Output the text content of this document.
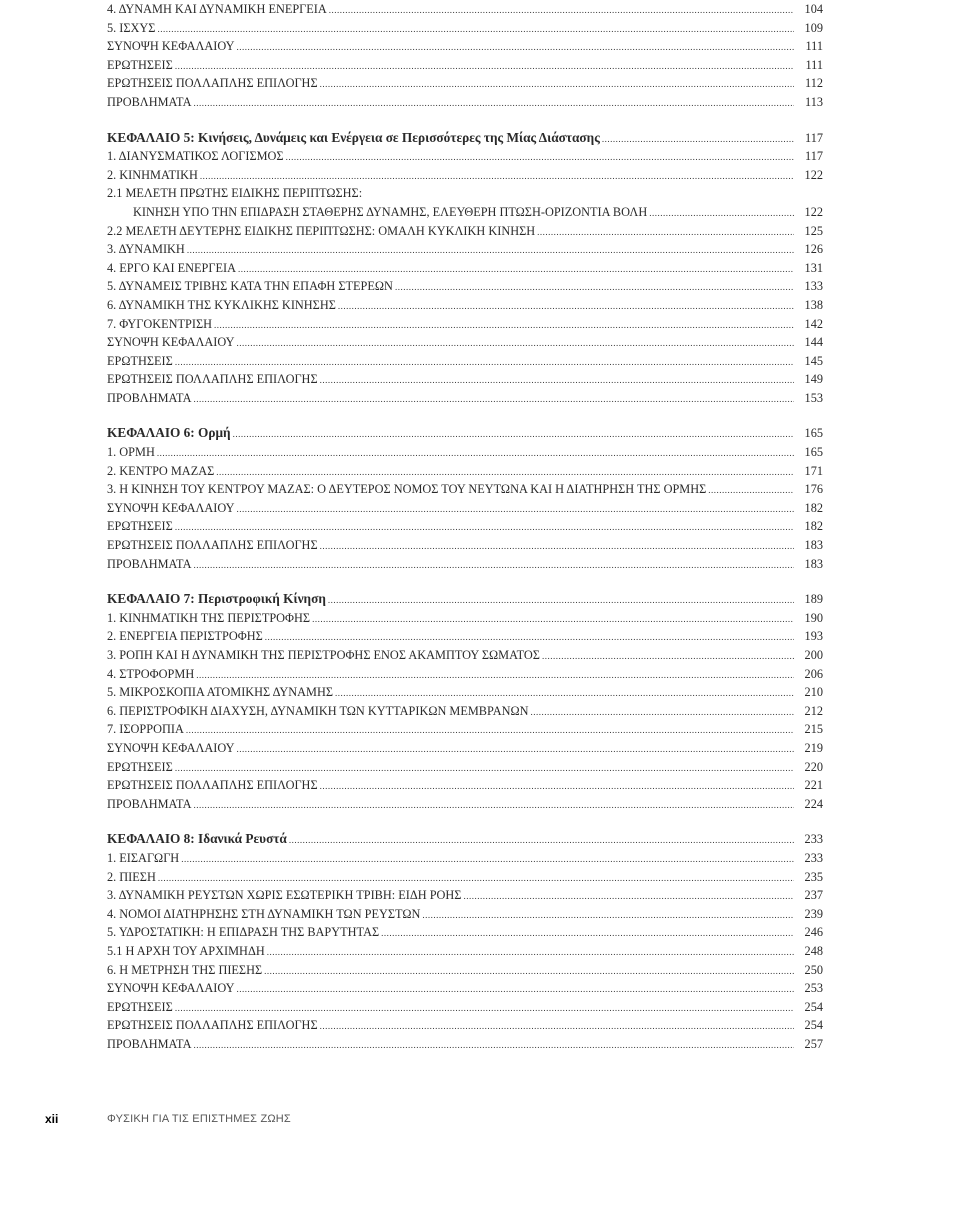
4. ΔΥΝΑΜΗ ΚΑΙ ΔΥΝΑΜΙΚΗ ΕΝΕΡΓΕΙΑ .....	104
5. ΙΣΧΥΣ .....	109
ΣΥΝΟΨΗ ΚΕΦΑΛΑΙΟΥ .....	111
ΕΡΩΤΗΣΕΙΣ .....	111
ΕΡΩΤΗΣΕΙΣ ΠΟΛΛΑΠΛΗΣ ΕΠΙΛΟΓΗΣ .....	112
ΠΡΟΒΛΗΜΑΤΑ .....	113
ΚΕΦΑΛΑΙΟ 5: Κινήσεις, Δυνάμεις και Ενέργεια σε Περισσότερες της Μίας Διάστασης .....	117
1. ΔΙΑΝΥΣΜΑΤΙΚΟΣ ΛΟΓΙΣΜΟΣ .....	117
2. ΚΙΝΗΜΑΤΙΚΗ .....	122
2.1 ΜΕΛΕΤΗ ΠΡΩΤΗΣ ΕΙΔΙΚΗΣ ΠΕΡΙΠΤΩΣΗΣ:
ΚΙΝΗΣΗ ΥΠΟ ΤΗΝ ΕΠΙΔΡΑΣΗ ΣΤΑΘΕΡΗΣ ΔΥΝΑΜΗΣ, ΕΛΕΥΘΕΡΗ ΠΤΩΣΗ-ΟΡΙΖΟΝΤΙΑ ΒΟΛΗ .....	122
2.2 ΜΕΛΕΤΗ ΔΕΥΤΕΡΗΣ ΕΙΔΙΚΗΣ ΠΕΡΙΠΤΩΣΗΣ: ΟΜΑΛΗ ΚΥΚΛΙΚΗ ΚΙΝΗΣΗ .....	125
3. ΔΥΝΑΜΙΚΗ .....	126
4. ΕΡΓΟ ΚΑΙ ΕΝΕΡΓΕΙΑ .....	131
5. ΔΥΝΑΜΕΙΣ ΤΡΙΒΗΣ ΚΑΤΑ ΤΗΝ ΕΠΑΦΗ ΣΤΕΡΕΩΝ .....	133
6. ΔΥΝΑΜΙΚΗ ΤΗΣ ΚΥΚΛΙΚΗΣ ΚΙΝΗΣΗΣ .....	138
7. ΦΥΓΟΚΕΝΤΡΙΣΗ .....	142
ΣΥΝΟΨΗ ΚΕΦΑΛΑΙΟΥ .....	144
ΕΡΩΤΗΣΕΙΣ .....	145
ΕΡΩΤΗΣΕΙΣ ΠΟΛΛΑΠΛΗΣ ΕΠΙΛΟΓΗΣ .....	149
ΠΡΟΒΛΗΜΑΤΑ .....	153
ΚΕΦΑΛΑΙΟ 6: Ορμή .....	165
1. ΟΡΜΗ .....	165
2. ΚΕΝΤΡΟ ΜΑΖΑΣ .....	171
3. Η ΚΙΝΗΣΗ ΤΟΥ ΚΕΝΤΡΟΥ ΜΑΖΑΣ: Ο ΔΕΥΤΕΡΟΣ ΝΟΜΟΣ ΤΟΥ ΝΕΥΤΩΝΑ ΚΑΙ Η ΔΙΑΤΗΡΗΣΗ ΤΗΣ ΟΡΜΗΣ .....	176
ΣΥΝΟΨΗ ΚΕΦΑΛΑΙΟΥ .....	182
ΕΡΩΤΗΣΕΙΣ .....	182
ΕΡΩΤΗΣΕΙΣ ΠΟΛΛΑΠΛΗΣ ΕΠΙΛΟΓΗΣ .....	183
ΠΡΟΒΛΗΜΑΤΑ .....	183
ΚΕΦΑΛΑΙΟ 7: Περιστροφική Κίνηση .....	189
1. ΚΙΝΗΜΑΤΙΚΗ ΤΗΣ ΠΕΡΙΣΤΡΟΦΗΣ .....	190
2. ΕΝΕΡΓΕΙΑ ΠΕΡΙΣΤΡΟΦΗΣ .....	193
3. ΡΟΠΗ ΚΑΙ Η ΔΥΝΑΜΙΚΗ ΤΗΣ ΠΕΡΙΣΤΡΟΦΗΣ ΕΝΟΣ ΑΚΑΜΠΤΟΥ ΣΩΜΑΤΟΣ .....	200
4. ΣΤΡΟΦΟΡΜΗ .....	206
5. ΜΙΚΡΟΣΚΟΠΙΑ ΑΤΟΜΙΚΗΣ ΔΥΝΑΜΗΣ .....	210
6. ΠΕΡΙΣΤΡΟΦΙΚΗ ΔΙΑΧΥΣΗ, ΔΥΝΑΜΙΚΗ ΤΩΝ ΚΥΤΤΑΡΙΚΩΝ ΜΕΜΒΡΑΝΩΝ .....	212
7. ΙΣΟΡΡΟΠΙΑ .....	215
ΣΥΝΟΨΗ ΚΕΦΑΛΑΙΟΥ .....	219
ΕΡΩΤΗΣΕΙΣ .....	220
ΕΡΩΤΗΣΕΙΣ ΠΟΛΛΑΠΛΗΣ ΕΠΙΛΟΓΗΣ .....	221
ΠΡΟΒΛΗΜΑΤΑ .....	224
ΚΕΦΑΛΑΙΟ 8: Ιδανικά Ρευστά .....	233
1. ΕΙΣΑΓΩΓΗ .....	233
2. ΠΙΕΣΗ .....	235
3. ΔΥΝΑΜΙΚΗ ΡΕΥΣΤΩΝ ΧΩΡΙΣ ΕΣΩΤΕΡΙΚΗ ΤΡΙΒΗ: ΕΙΔΗ ΡΟΗΣ .....	237
4. ΝΟΜΟΙ ΔΙΑΤΗΡΗΣΗΣ ΣΤΗ ΔΥΝΑΜΙΚΗ ΤΩΝ ΡΕΥΣΤΩΝ .....	239
5. ΥΔΡΟΣΤΑΤΙΚΗ: Η ΕΠΙΔΡΑΣΗ ΤΗΣ ΒΑΡΥΤΗΤΑΣ .....	246
5.1 Η ΑΡΧΗ ΤΟΥ ΑΡΧΙΜΗΔΗ .....	248
6. Η ΜΕΤΡΗΣΗ ΤΗΣ ΠΙΕΣΗΣ .....	250
ΣΥΝΟΨΗ ΚΕΦΑΛΑΙΟΥ .....	253
ΕΡΩΤΗΣΕΙΣ .....	254
ΕΡΩΤΗΣΕΙΣ ΠΟΛΛΑΠΛΗΣ ΕΠΙΛΟΓΗΣ .....	254
ΠΡΟΒΛΗΜΑΤΑ .....	257
xii	ΦΥΣΙΚΗ ΓΙΑ ΤΙΣ ΕΠΙΣΤΗΜΕΣ ΖΩΗΣ
